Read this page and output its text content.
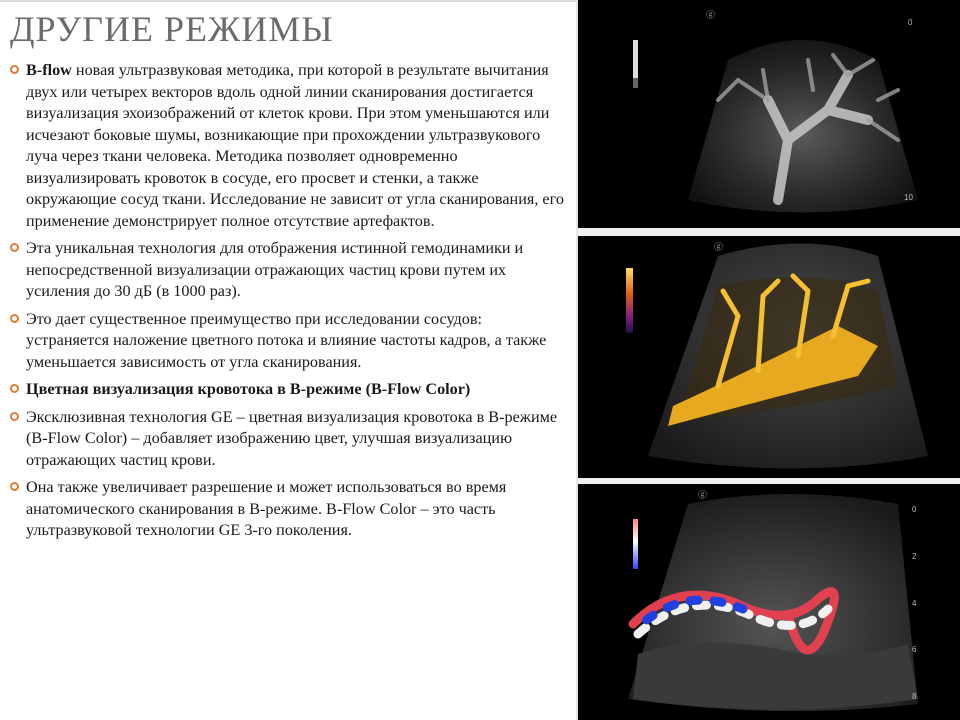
ДРУГИЕ РЕЖИМЫ
B-flow новая ультразвуковая методика, при которой в результате вычитания двух или четырех векторов вдоль одной линии сканирования достигается визуализация эхоизображений от клеток крови. При этом уменьшаются или исчезают боковые шумы, возникающие при прохождении ультразвукового луча через ткани человека. Методика позволяет одновременно визуализировать кровоток в сосуде, его просвет и стенки, а также окружающие сосуд ткани. Исследование не зависит от угла сканирования, его применение демонстрирует полное отсутствие артефактов.
Эта уникальная технология для отображения истинной гемодинамики и непосредственной визуализации отражающих частиц крови путем их усиления до 30 дБ (в 1000 раз).
Это дает существенное преимущество при исследовании сосудов: устраняется наложение цветного потока и влияние частоты кадров, а также уменьшается зависимость от угла сканирования.
Цветная визуализация кровотока в В-режиме (B-Flow Color)
Эксклюзивная технология GE – цветная визуализация кровотока в В-режиме (B-Flow Color) – добавляет изображению цвет, улучшая визуализацию отражающих частиц крови.
Она также увеличивает разрешение и может использоваться во время анатомического сканирования в В-режиме. B-Flow Color – это часть ультразвуковой технологии GE 3-го поколения.
0
10
ⓖ
ⓖ
0
2
4
6
8
ⓖ
